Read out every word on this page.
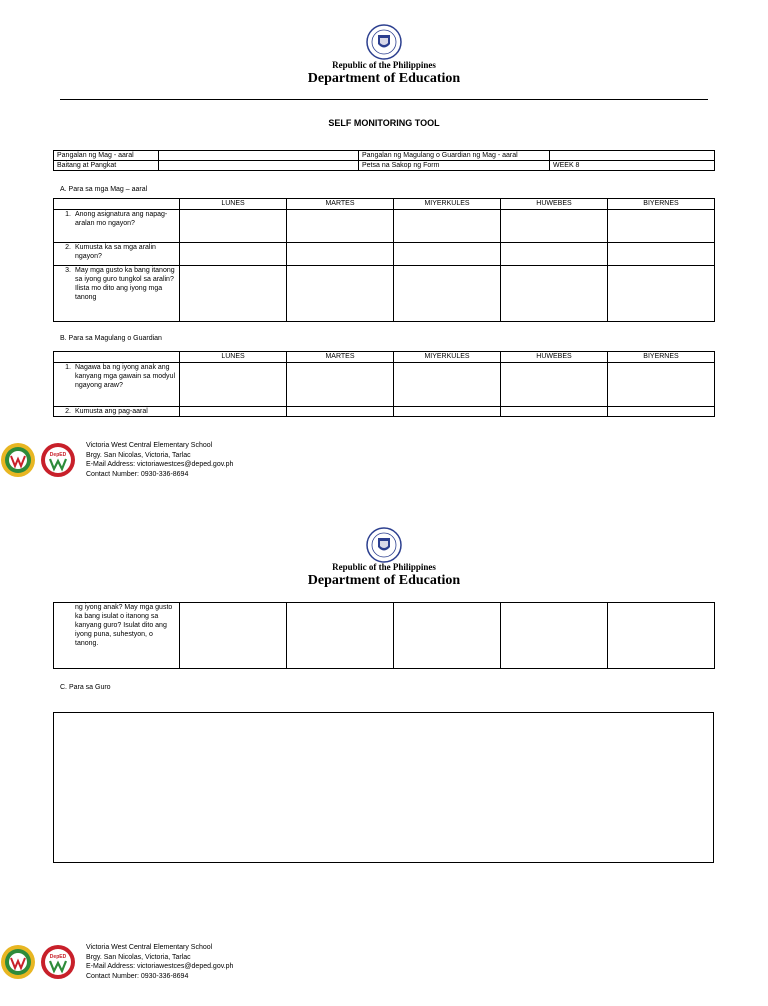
Republic of the Philippines
Department of Education
SELF MONITORING TOOL
Pangalan ng Mag - aaral		Pangalan ng Magulang o Guardian ng Mag - aaral	
Baitang at Pangkat		Petsa na Sakop ng Form	WEEK 8
A. Para sa mga Mag – aaral
	LUNES	MARTES	MIYERKULES	HUWEBES	BIYERNES

1. Anong asignatura ang napag-aralan mo ngayon?					

2. Kumusta ka sa mga aralin ngayon?					

3. May mga gusto ka bang itanong sa iyong guro tungkol sa aralin? Ilista mo dito ang iyong mga tanong					

B. Para sa Magulang o Guardian
	LUNES	MARTES	MIYERKULES	HUWEBES	BIYERNES

1. Nagawa ba ng iyong anak ang kanyang mga gawain sa modyul ngayong araw?					

2. Kumusta ang pag-aaral					

DepED
Victoria West Central Elementary School
Brgy. San Nicolas, Victoria, Tarlac
E-Mail Address: victoriawestces@deped.gov.ph
Contact Number: 0930-336-8694
Republic of the Philippines
Department of Education
ng iyong anak? May mga gusto ka bang isulat o itanong sa kanyang guro? Isulat dito ang iyong puna, suhestyon, o tanong.

C. Para sa Guro
DepED
Victoria West Central Elementary School
Brgy. San Nicolas, Victoria, Tarlac
E-Mail Address: victoriawestces@deped.gov.ph
Contact Number: 0930-336-8694
